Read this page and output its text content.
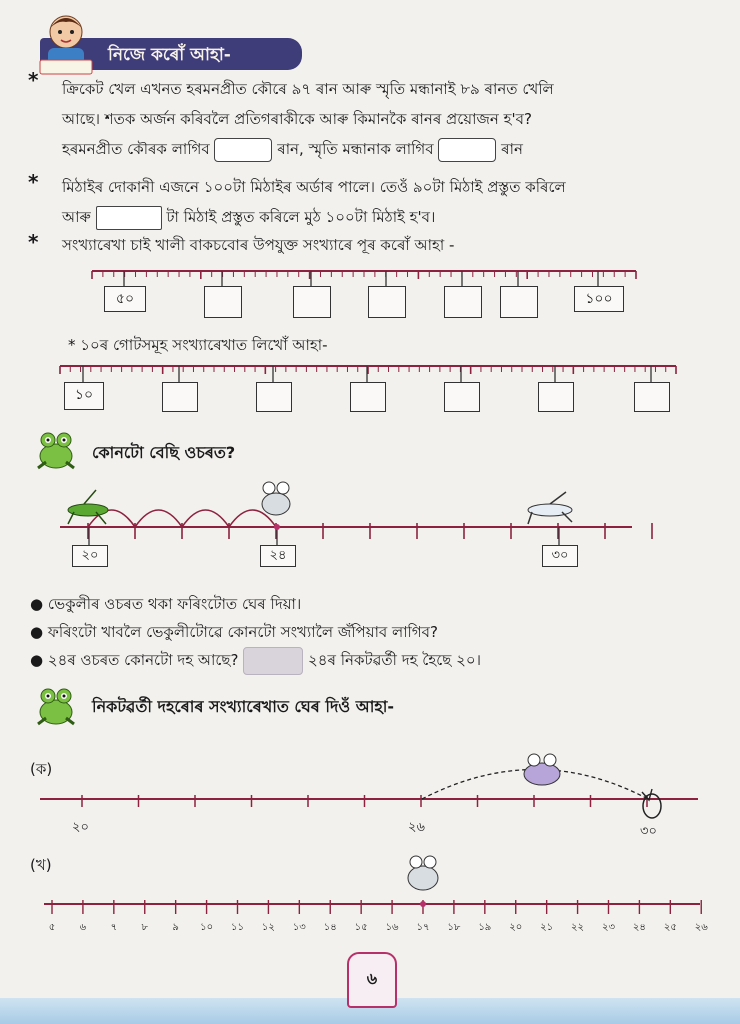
নিজে কৰোঁ আহা-
* ক্ৰিকেট খেল এখনত হৰমনপ্ৰীত কৌৰে ৯৭ ৰান আৰু স্মৃতি মন্ধানাই ৮৯ ৰানত খেলি
আছে। শতক অৰ্জন কৰিবলৈ প্ৰতিগৰাকীকে আৰু কিমানকৈ ৰানৰ প্ৰয়োজন হ'ব?
হৰমনপ্ৰীত কৌৰক লাগিব	ৰান, স্মৃতি মন্ধানাক লাগিব	ৰান
* মিঠাইৰ দোকানী এজনে ১০০টা মিঠাইৰ অৰ্ডাৰ পালে। তেওঁ ৯০টা মিঠাই প্ৰস্তুত কৰিলে
আৰু	টা মিঠাই প্ৰস্তুত কৰিলে মুঠ ১০০টা মিঠাই হ'ব।
* সংখ্যাৰেখা চাই খালী বাকচবোৰ উপযুক্ত সংখ্যাৰে পূৰ কৰোঁ আহা -
৫০	১০০
* ১০ৰ গোটসমূহ সংখ্যাৰেখাত লিখোঁ আহা-
১০
কোনটো বেছি ওচৰত?
২০	২৪	৩০
● ভেকুলীৰ ওচৰত থকা ফৰিংটোত ঘেৰ দিয়া।
● ফৰিংটো খাবলৈ ভেকুলীটোৱে কোনটো সংখ্যালৈ জঁপিয়াব লাগিব?
● ২৪ৰ ওচৰত কোনটো দহ আছে?	২৪ৰ নিকটৱৰ্তী দহ হৈছে ২০।
নিকটৱৰ্তী দহৰোৰ সংখ্যাৰেখাত ঘেৰ দিওঁ আহা-
(ক)
২০	২৬	৩০
(খ)
৫ ৬ ৭ ৮ ৯ ১০ ১১ ১২ ১৩ ১৪ ১৫ ১৬ ১৭ ১৮ ১৯ ২০ ২১ ২২ ২৩ ২৪ ২৫ ২৬
৬
